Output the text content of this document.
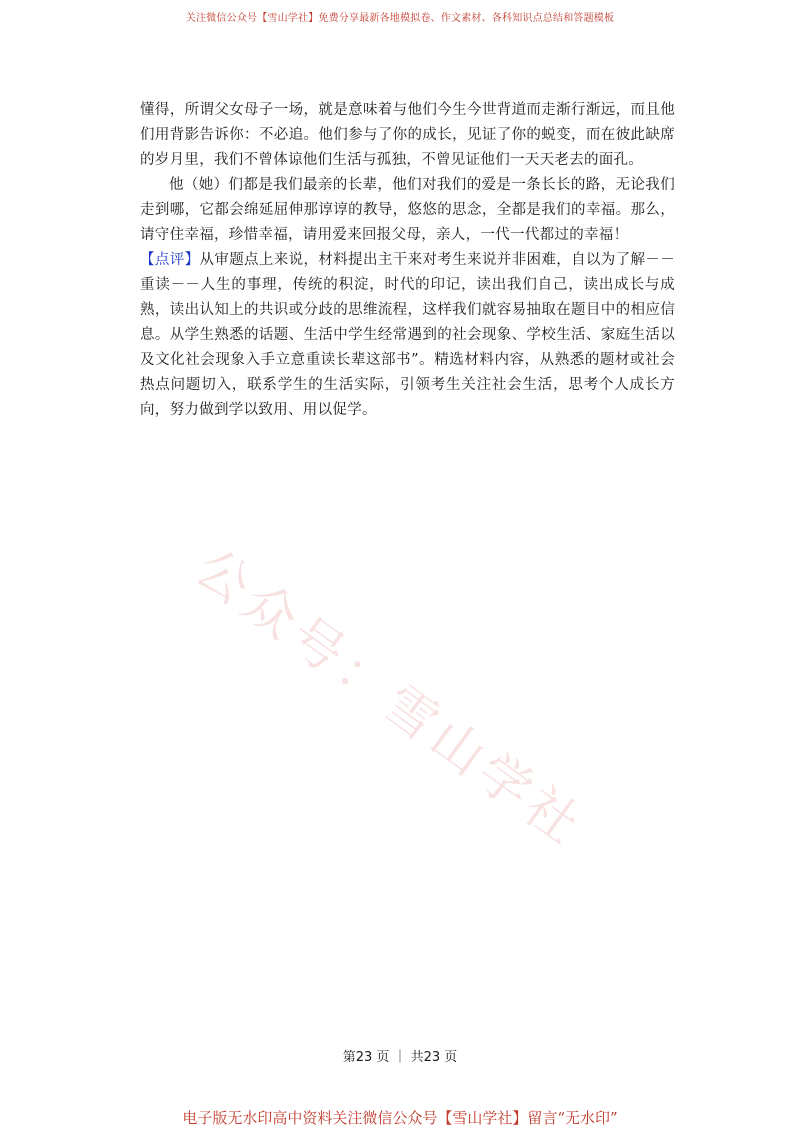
关注微信公众号【雪山学社】免费分享最新各地模拟卷、作文素材、各科知识点总结和答题模板

懂得，所谓父女母子一场，就是意味着与他们今生今世背道而走渐行渐远，而且他们用背影告诉你：不必追。他们参与了你的成长，见证了你的蜕变，而在彼此缺席的岁月里，我们不曾体谅他们生活与孤独，不曾见证他们一天天老去的面孔。

他（她）们都是我们最亲的长辈，他们对我们的爱是一条长长的路，无论我们走到哪，它都会绵延屈伸那谆谆的教导，悠悠的思念，全都是我们的幸福。那么，请守住幸福，珍惜幸福，请用爱来回报父母，亲人，一代一代都过的幸福！

【点评】从审题点上来说，材料提出主干来对考生来说并非困难，自以为了解－－重读－－人生的事理，传统的积淀，时代的印记，读出我们自己，读出成长与成熟，读出认知上的共识或分歧的思维流程，这样我们就容易抽取在题目中的相应信息。从学生熟悉的话题、生活中学生经常遇到的社会现象、学校生活、家庭生活以及文化社会现象入手立意重读长辈这部书”。精选材料内容，从熟悉的题材或社会热点问题切入，联系学生的生活实际，引领考生关注社会生活，思考个人成长方向，努力做到学以致用、用以促学。

公众号：雪山学社
第23 页 ｜ 共23 页
电子版无水印高中资料关注微信公众号【雪山学社】留言“无水印”
